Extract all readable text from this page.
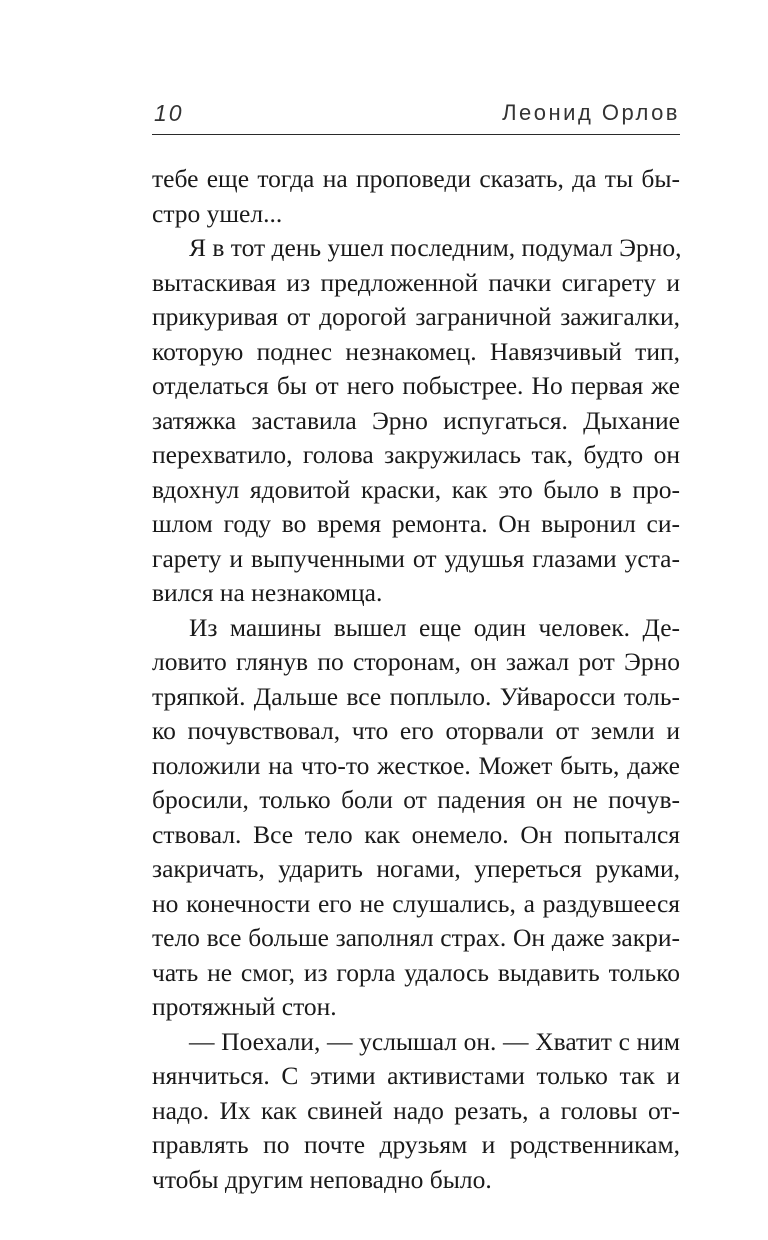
10	Леонид Орлов
тебе еще тогда на проповеди сказать, да ты бы-
стро ушел...
Я в тот день ушел последним, подумал Эрно,
вытаскивая из предложенной пачки сигарету и
прикуривая от дорогой заграничной зажигалки,
которую поднес незнакомец. Навязчивый тип,
отделаться бы от него побыстрее. Но первая же
затяжка заставила Эрно испугаться. Дыхание
перехватило, голова закружилась так, будто он
вдохнул ядовитой краски, как это было в про-
шлом году во время ремонта. Он выронил си-
гарету и выпученными от удушья глазами уста-
вился на незнакомца.
Из машины вышел еще один человек. Де-
ловито глянув по сторонам, он зажал рот Эрно
тряпкой. Дальше все поплыло. Уйваросси толь-
ко почувствовал, что его оторвали от земли и
положили на что-то жесткое. Может быть, даже
бросили, только боли от падения он не почув-
ствовал. Все тело как онемело. Он попытался
закричать, ударить ногами, упереться руками,
но конечности его не слушались, а раздувшееся
тело все больше заполнял страх. Он даже закри-
чать не смог, из горла удалось выдавить только
протяжный стон.
— Поехали, — услышал он. — Хватит с ним
нянчиться. С этими активистами только так и
надо. Их как свиней надо резать, а головы от-
правлять по почте друзьям и родственникам,
чтобы другим неповадно было.
